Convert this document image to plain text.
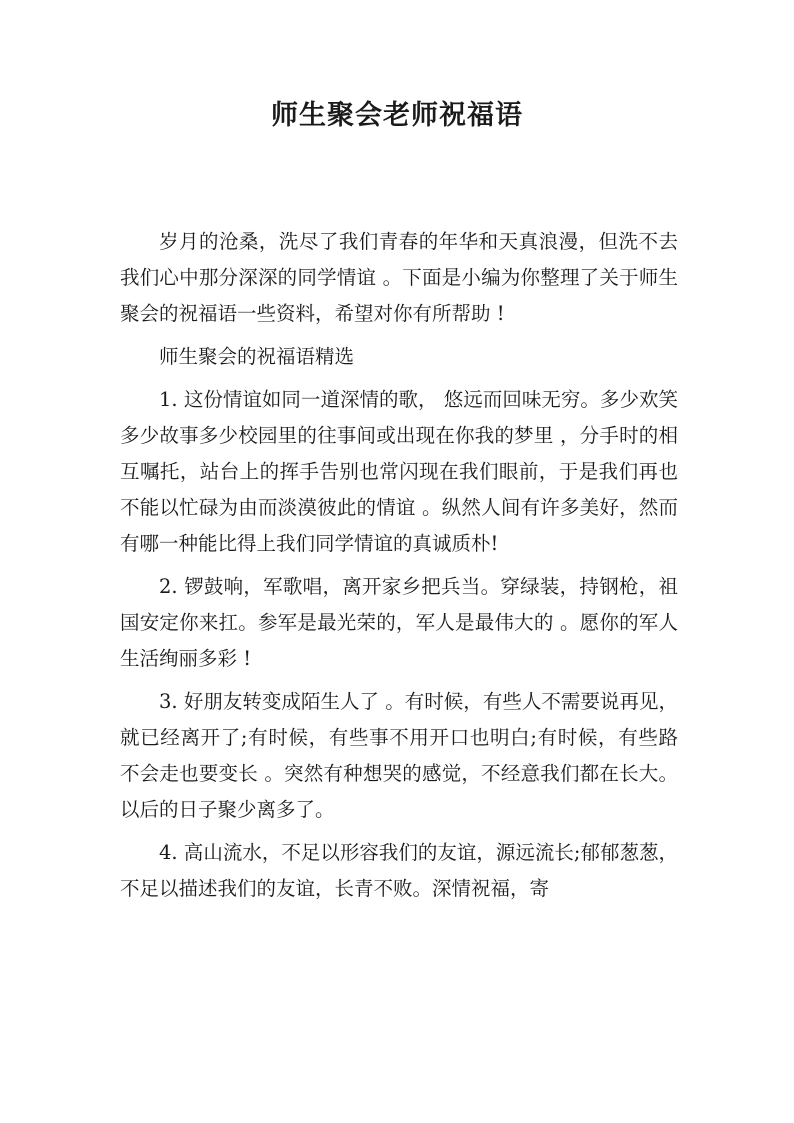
师生聚会老师祝福语

岁月的沧桑，洗尽了我们青春的年华和天真浪漫，但洗不去我们心中那分深深的同学情谊 。下面是小编为你整理了关于师生聚会的祝福语一些资料，希望对你有所帮助 !

师生聚会的祝福语精选

1. 这份情谊如同一道深情的歌， 悠远而回味无穷。多少欢笑多少故事多少校园里的往事间或出现在你我的梦里 ，分手时的相互嘱托，站台上的挥手告别也常闪现在我们眼前，于是我们再也不能以忙碌为由而淡漠彼此的情谊 。纵然人间有许多美好，然而有哪一种能比得上我们同学情谊的真诚质朴!

2. 锣鼓响，军歌唱，离开家乡把兵当。穿绿装，持钢枪，祖国安定你来扛。参军是最光荣的，军人是最伟大的 。愿你的军人生活绚丽多彩 !

3. 好朋友转变成陌生人了 。有时候，有些人不需要说再见，就已经离开了;有时候，有些事不用开口也明白;有时候，有些路不会走也要变长 。突然有种想哭的感觉，不经意我们都在长大。以后的日子聚少离多了。

4. 高山流水，不足以形容我们的友谊，源远流长;郁郁葱葱，不足以描述我们的友谊，长青不败。深情祝福，寄
